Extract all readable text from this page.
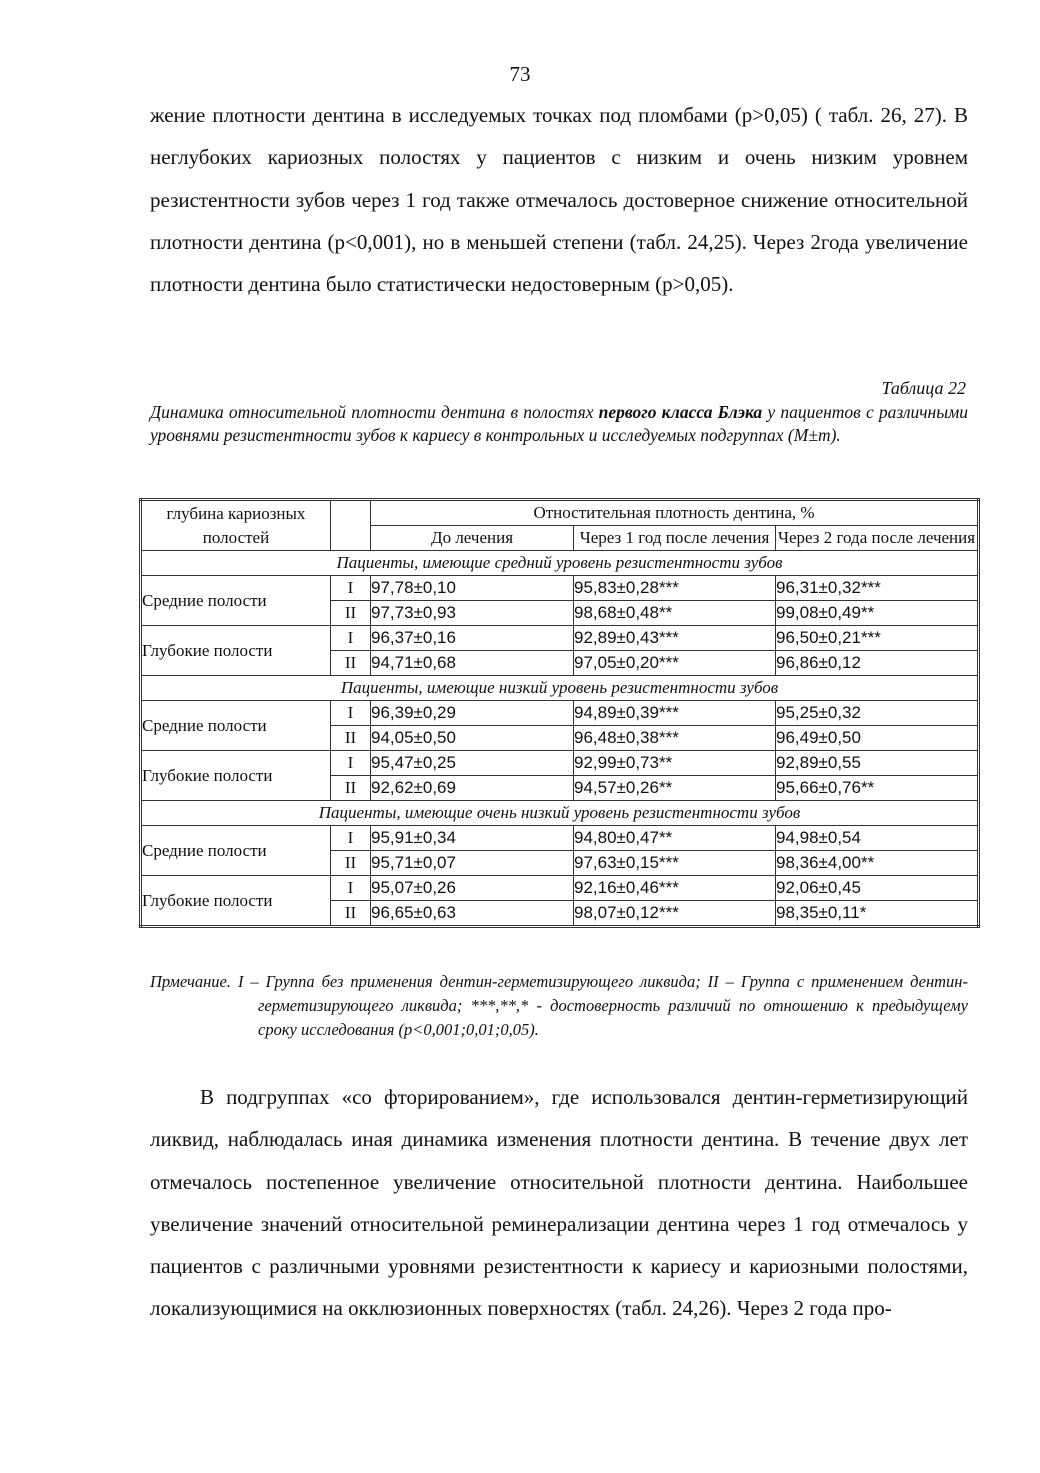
73

жение плотности дентина в исследуемых точках под пломбами (p>0,05) ( табл. 26, 27). В неглубоких кариозных полостях у пациентов с низким и очень низким уровнем резистентности зубов через 1 год также отмечалось достоверное снижение относительной плотности дентина (p<0,001), но в меньшей степени (табл. 24,25). Через 2года увеличение плотности дентина было статистически недостоверным (p>0,05).

Таблица 22

Динамика относительной плотности дентина в полостях первого класса Блэка у пациентов с различными уровнями резистентности зубов к кариесу в контрольных и исследуемых подгруппах (M±m).

глубина кариозных полостей		Отностительная плотность дентина, %		
		До лечения	Через 1 год после лечения	Через 2 года после лечения
Пациенты, имеющие средний уровень резистентности зубов				
Средние полости	I	97,78±0,10	95,83±0,28***	96,31±0,32***
	II	97,73±0,93	98,68±0,48**	99,08±0,49**
Глубокие полости	I	96,37±0,16	92,89±0,43***	96,50±0,21***
	II	94,71±0,68	97,05±0,20***	96,86±0,12
Пациенты, имеющие низкий уровень резистентности зубов				
Средние полости	I	96,39±0,29	94,89±0,39***	95,25±0,32
	II	94,05±0,50	96,48±0,38***	96,49±0,50
Глубокие полости	I	95,47±0,25	92,99±0,73**	92,89±0,55
	II	92,62±0,69	94,57±0,26**	95,66±0,76**
Пациенты, имеющие очень низкий уровень резистентности зубов				
Средние полости	I	95,91±0,34	94,80±0,47**	94,98±0,54
	II	95,71±0,07	97,63±0,15***	98,36±4,00**
Глубокие полости	I	95,07±0,26	92,16±0,46***	92,06±0,45
	II	96,65±0,63	98,07±0,12***	98,35±0,11*
Прмечание. I – Группа без применения дентин-герметизирующего ликвида; II – Группа с применением дентин-герметизирующего ликвида; ***,**,* - достоверность различий по отношению к предыдущему сроку исследования (p<0,001;0,01;0,05).

В подгруппах «со фторированием», где использовался дентин-герметизирующий ликвид, наблюдалась иная динамика изменения плотности дентина. В течение двух лет отмечалось постепенное увеличение относительной плотности дентина. Наибольшее увеличение значений относительной реминерализации дентина через 1 год отмечалось у пациентов с различными уровнями резистентности к кариесу и кариозными полостями, локализующимися на окклюзионных поверхностях (табл. 24,26). Через 2 года про-
